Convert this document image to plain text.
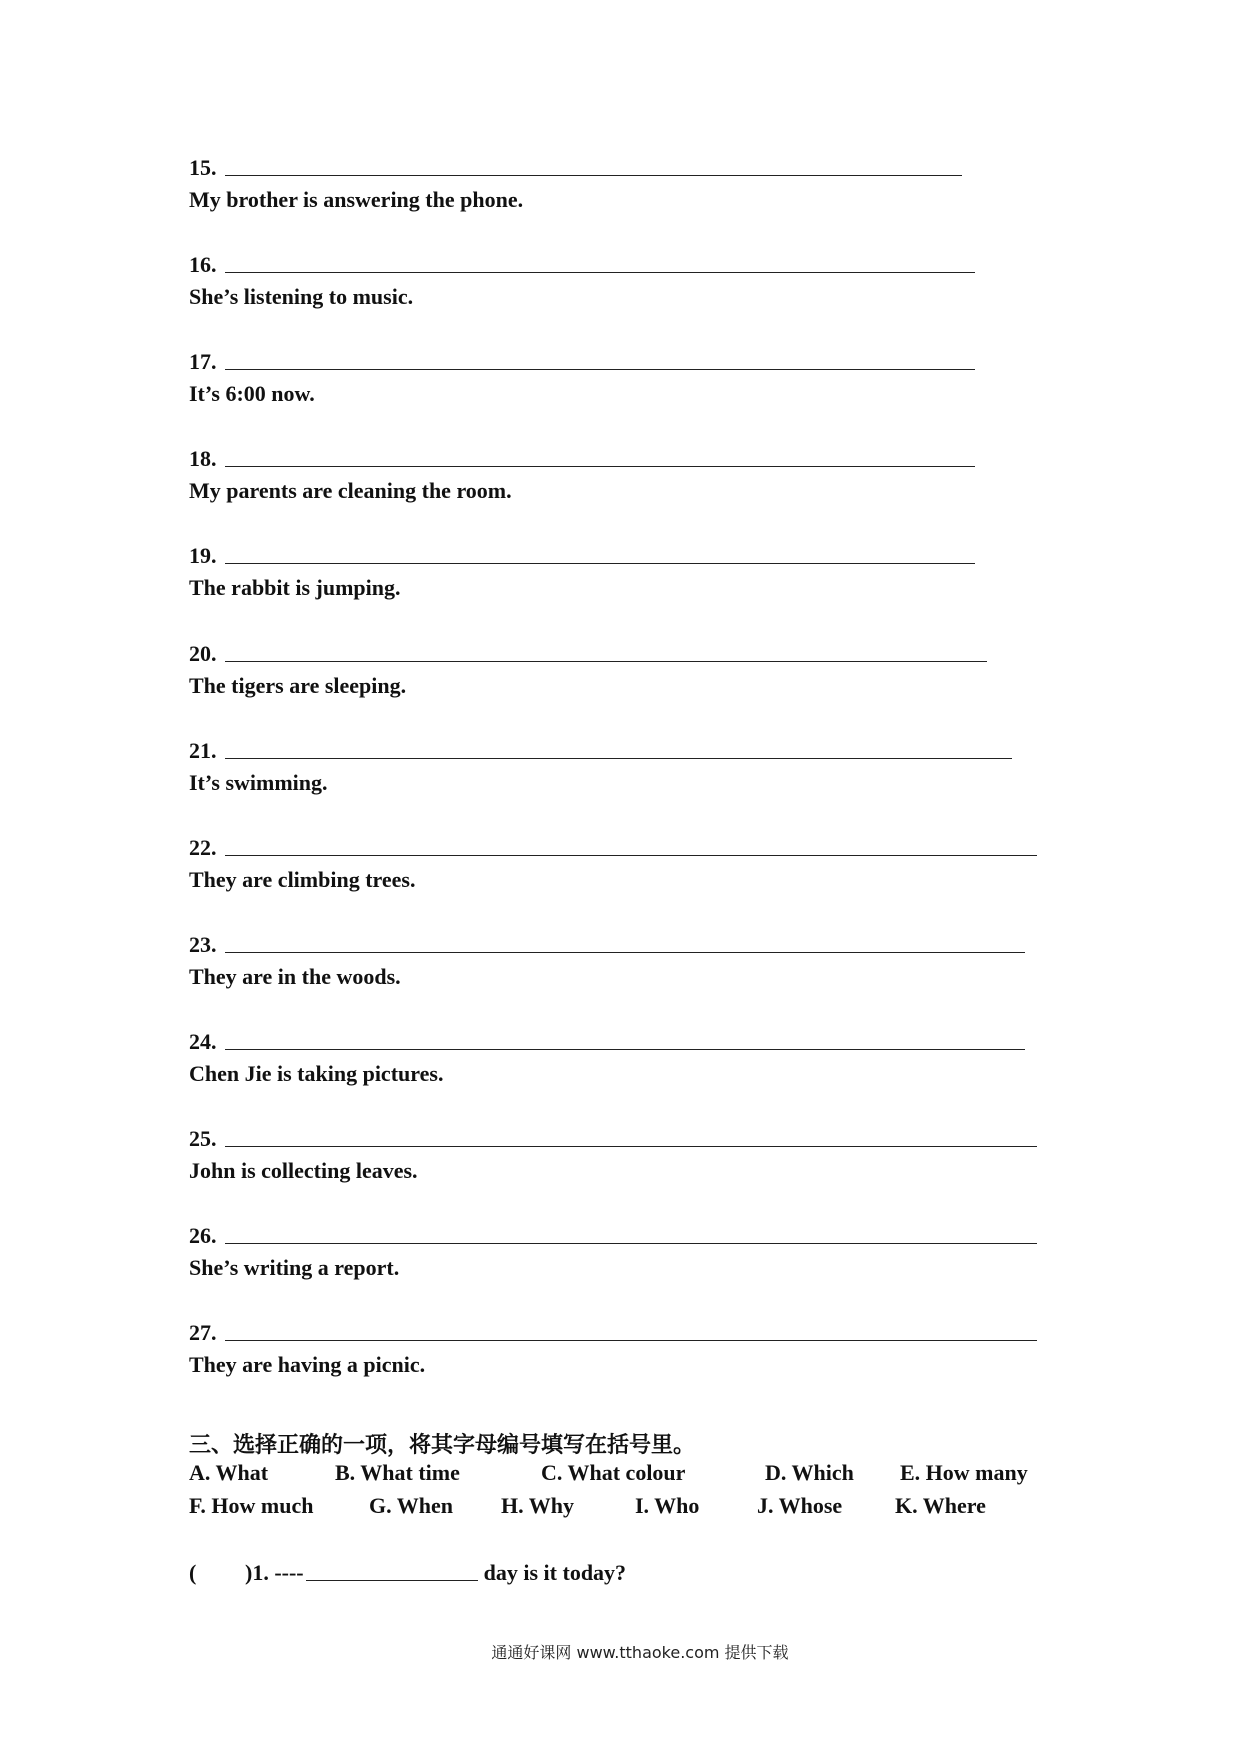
15.
My brother is answering the phone.
16.
She’s listening to music.
17.
It’s 6:00 now.
18.
My parents are cleaning the room.
19.
The rabbit is jumping.
20.
The tigers are sleeping.
21.
It’s swimming.
22.
They are climbing trees.
23.
They are in the woods.
24.
Chen Jie is taking pictures.
25.
John is collecting leaves.
26.
She’s writing a report.
27.
They are having a picnic.
三、选择正确的一项，将其字母编号填写在括号里。
A. What	B. What time	C. What colour	D. Which E. How many
F. How much	G. When H. Why	I. Who	J. Whose K. Where
(	)1. ----	day is it today?
通通好课网 www.tthaoke.com 提供下载
